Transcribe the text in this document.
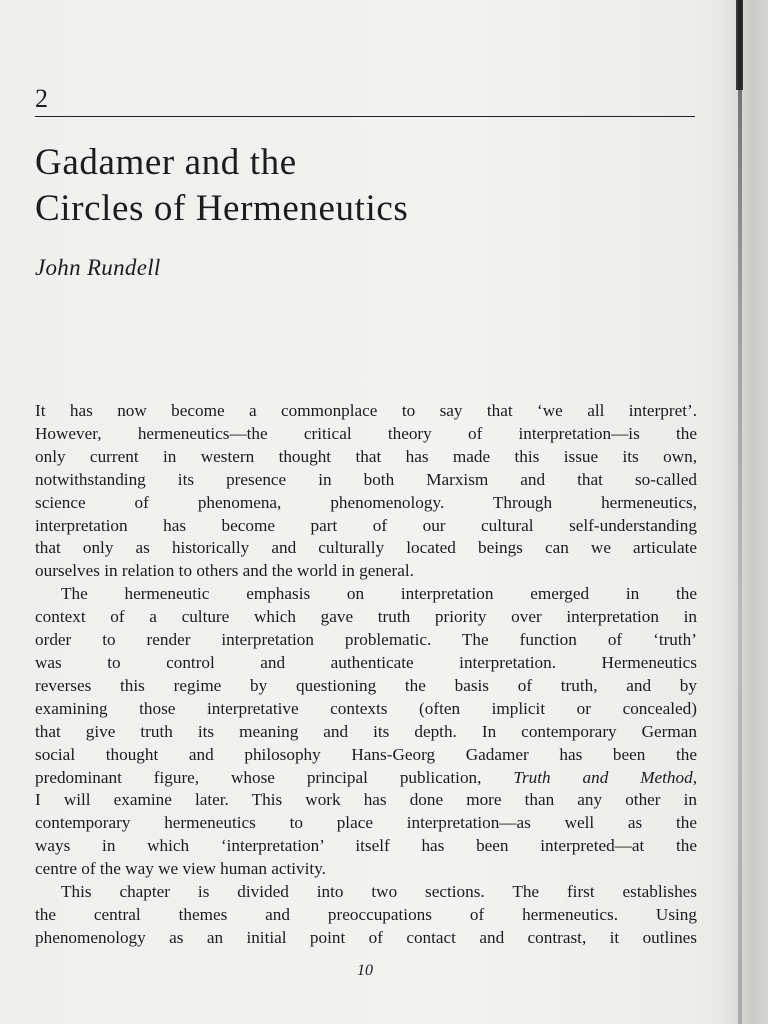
2
Gadamer and the
Circles of Hermeneutics
John Rundell
It has now become a commonplace to say that ‘we all interpret’.
However, hermeneutics—the critical theory of interpretation—is the
only current in western thought that has made this issue its own,
notwithstanding its presence in both Marxism and that so-called
science of phenomena, phenomenology. Through hermeneutics,
interpretation has become part of our cultural self-understanding
that only as historically and culturally located beings can we articulate
ourselves in relation to others and the world in general.
The hermeneutic emphasis on interpretation emerged in the
context of a culture which gave truth priority over interpretation in
order to render interpretation problematic. The function of ‘truth’
was to control and authenticate interpretation. Hermeneutics
reverses this regime by questioning the basis of truth, and by
examining those interpretative contexts (often implicit or concealed)
that give truth its meaning and its depth. In contemporary German
social thought and philosophy Hans-Georg Gadamer has been the
predominant figure, whose principal publication, Truth and Method,
I will examine later. This work has done more than any other in
contemporary hermeneutics to place interpretation—as well as the
ways in which ‘interpretation’ itself has been interpreted—at the
centre of the way we view human activity.
This chapter is divided into two sections. The first establishes
the central themes and preoccupations of hermeneutics. Using
phenomenology as an initial point of contact and contrast, it outlines
10
